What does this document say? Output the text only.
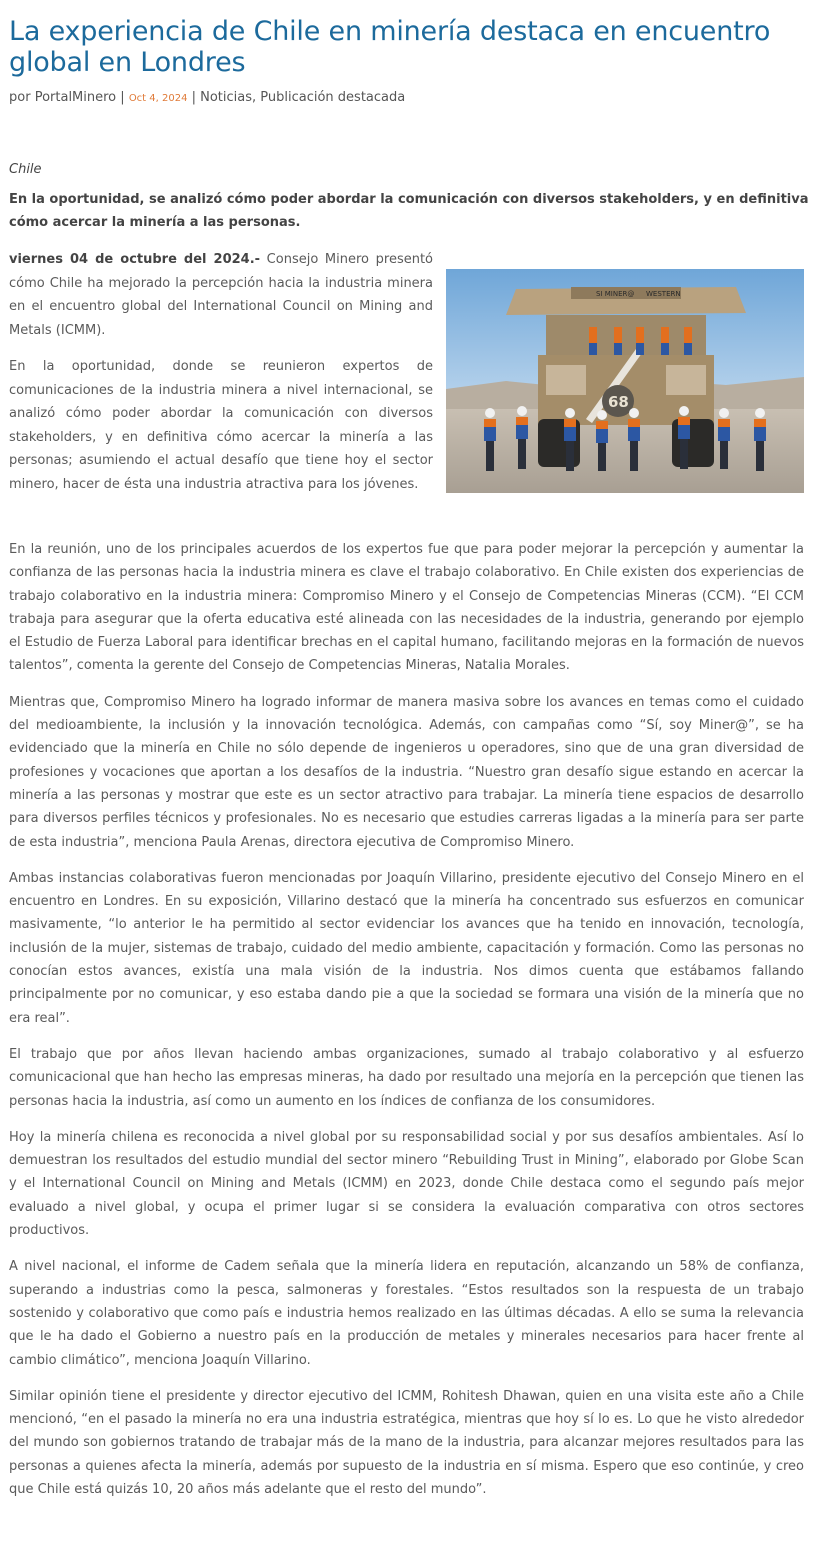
La experiencia de Chile en minería destaca en encuentro global en Londres
por PortalMinero | Oct 4, 2024 | Noticias, Publicación destacada
Chile
En la oportunidad, se analizó cómo poder abordar la comunicación con diversos stakeholders, y en definitiva cómo acercar la minería a las personas.

viernes 04 de octubre del 2024.- Consejo Minero presentó cómo Chile ha mejorado la percepción hacia la industria minera en el encuentro global del International Council on Mining and Metals (ICMM).

En la oportunidad, donde se reunieron expertos de comunicaciones de la industria minera a nivel internacional, se analizó cómo poder abordar la comunicación con diversos stakeholders, y en definitiva cómo acercar la minería a las personas; asumiendo el actual desafío que tiene hoy el sector minero, hacer de ésta una industria atractiva para los jóvenes.

SI MINER@ WESTERN
68

En la reunión, uno de los principales acuerdos de los expertos fue que para poder mejorar la percepción y aumentar la confianza de las personas hacia la industria minera es clave el trabajo colaborativo. En Chile existen dos experiencias de trabajo colaborativo en la industria minera: Compromiso Minero y el Consejo de Competencias Mineras (CCM). “El CCM trabaja para asegurar que la oferta educativa esté alineada con las necesidades de la industria, generando por ejemplo el Estudio de Fuerza Laboral para identificar brechas en el capital humano, facilitando mejoras en la formación de nuevos talentos”, comenta la gerente del Consejo de Competencias Mineras, Natalia Morales.

Mientras que, Compromiso Minero ha logrado informar de manera masiva sobre los avances en temas como el cuidado del medioambiente, la inclusión y la innovación tecnológica. Además, con campañas como “Sí, soy Miner@”, se ha evidenciado que la minería en Chile no sólo depende de ingenieros u operadores, sino que de una gran diversidad de profesiones y vocaciones que aportan a los desafíos de la industria. “Nuestro gran desafío sigue estando en acercar la minería a las personas y mostrar que este es un sector atractivo para trabajar. La minería tiene espacios de desarrollo para diversos perfiles técnicos y profesionales. No es necesario que estudies carreras ligadas a la minería para ser parte de esta industria”, menciona Paula Arenas, directora ejecutiva de Compromiso Minero.

Ambas instancias colaborativas fueron mencionadas por Joaquín Villarino, presidente ejecutivo del Consejo Minero en el encuentro en Londres. En su exposición, Villarino destacó que la minería ha concentrado sus esfuerzos en comunicar masivamente, “lo anterior le ha permitido al sector evidenciar los avances que ha tenido en innovación, tecnología, inclusión de la mujer, sistemas de trabajo, cuidado del medio ambiente, capacitación y formación. Como las personas no conocían estos avances, existía una mala visión de la industria. Nos dimos cuenta que estábamos fallando principalmente por no comunicar, y eso estaba dando pie a que la sociedad se formara una visión de la minería que no era real”.

El trabajo que por años llevan haciendo ambas organizaciones, sumado al trabajo colaborativo y al esfuerzo comunicacional que han hecho las empresas mineras, ha dado por resultado una mejoría en la percepción que tienen las personas hacia la industria, así como un aumento en los índices de confianza de los consumidores.

Hoy la minería chilena es reconocida a nivel global por su responsabilidad social y por sus desafíos ambientales. Así lo demuestran los resultados del estudio mundial del sector minero “Rebuilding Trust in Mining”, elaborado por Globe Scan y el International Council on Mining and Metals (ICMM) en 2023, donde Chile destaca como el segundo país mejor evaluado a nivel global, y ocupa el primer lugar si se considera la evaluación comparativa con otros sectores productivos.

A nivel nacional, el informe de Cadem señala que la minería lidera en reputación, alcanzando un 58% de confianza, superando a industrias como la pesca, salmoneras y forestales. “Estos resultados son la respuesta de un trabajo sostenido y colaborativo que como país e industria hemos realizado en las últimas décadas. A ello se suma la relevancia que le ha dado el Gobierno a nuestro país en la producción de metales y minerales necesarios para hacer frente al cambio climático”, menciona Joaquín Villarino.

Similar opinión tiene el presidente y director ejecutivo del ICMM, Rohitesh Dhawan, quien en una visita este año a Chile mencionó, “en el pasado la minería no era una industria estratégica, mientras que hoy sí lo es. Lo que he visto alrededor del mundo son gobiernos tratando de trabajar más de la mano de la industria, para alcanzar mejores resultados para las personas a quienes afecta la minería, además por supuesto de la industria en sí misma. Espero que eso continúe, y creo que Chile está quizás 10, 20 años más adelante que el resto del mundo”.
